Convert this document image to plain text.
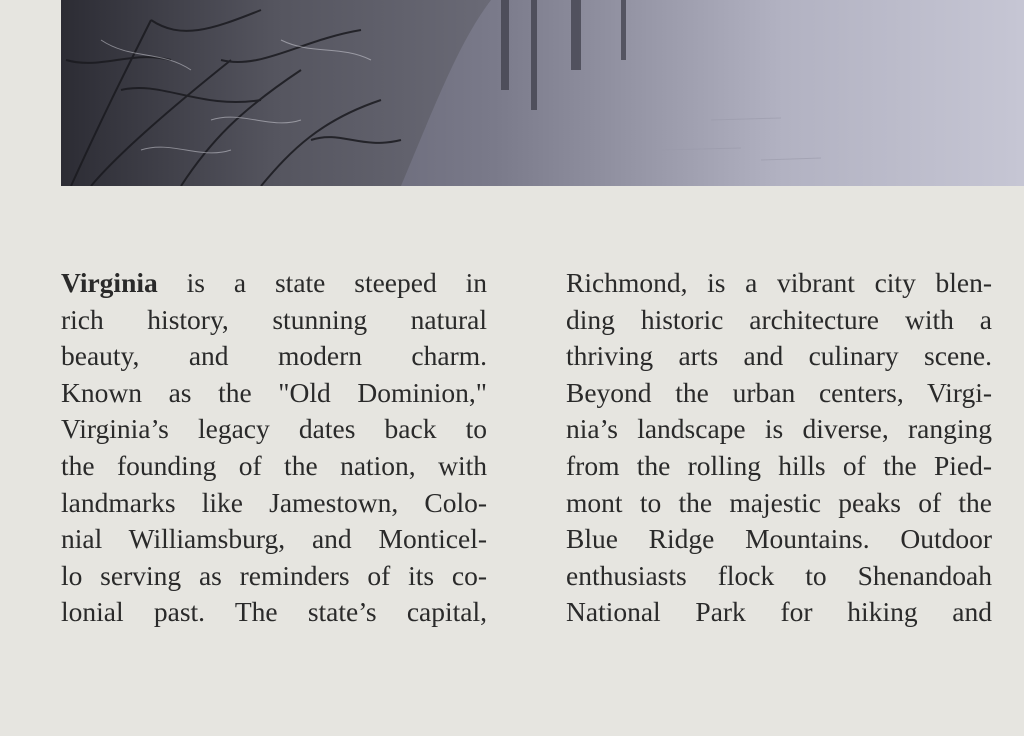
Virginia is a state steeped in
rich history, stunning natural
beauty, and modern charm.
Known as the "Old Dominion,"
Virginia’s legacy dates back to
the founding of the nation, with
landmarks like Jamestown, Colo-
nial Williamsburg, and Monticel-
lo serving as reminders of its co-
lonial past. The state’s capital,
Richmond, is a vibrant city blen-
ding historic architecture with a
thriving arts and culinary scene.
Beyond the urban centers, Virgi-
nia’s landscape is diverse, ranging
from the rolling hills of the Pied-
mont to the majestic peaks of the
Blue Ridge Mountains. Outdoor
enthusiasts flock to Shenandoah
National Park for hiking and
